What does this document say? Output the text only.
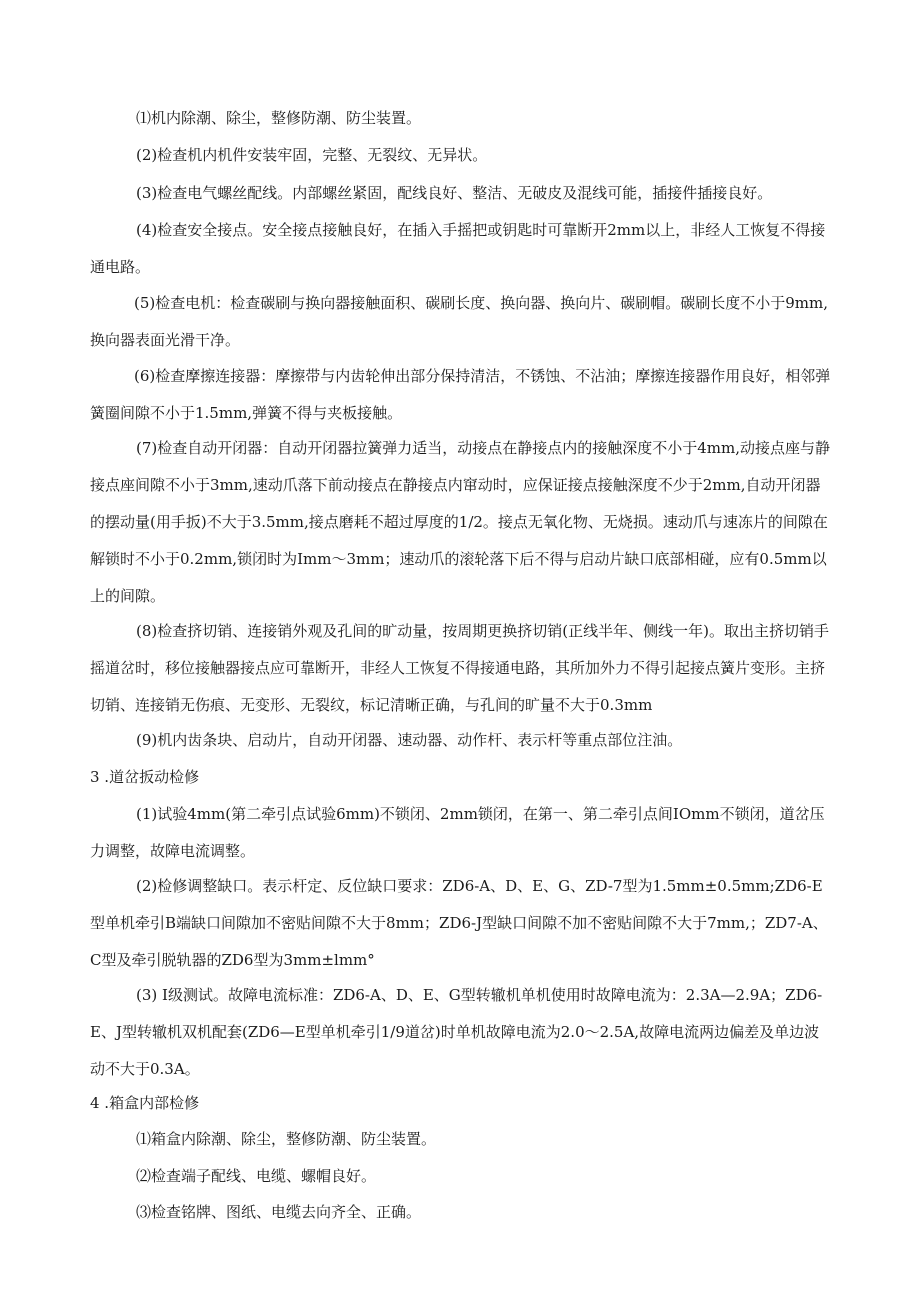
⑴机内除潮、除尘，整修防潮、防尘装置。

(2)检查机内机件安装牢固，完整、无裂纹、无异状。

(3)检查电气螺丝配线。内部螺丝紧固，配线良好、整洁、无破皮及混线可能，插接件插接良好。

(4)检查安全接点。安全接点接触良好，在插入手摇把或钥匙时可靠断开2mm以上，非经人工恢复不得接通电路。

(5)检查电机：检查碳刷与换向器接触面积、碳刷长度、换向器、换向片、碳刷帽。碳刷长度不小于9mm,换向器表面光滑干净。

(6)检查摩擦连接器：摩擦带与内齿轮伸出部分保持清洁，不锈蚀、不沾油；摩擦连接器作用良好，相邻弹簧圈间隙不小于1.5mm,弹簧不得与夹板接触。

(7)检查自动开闭器：自动开闭器拉簧弹力适当，动接点在静接点内的接触深度不小于4mm,动接点座与静接点座间隙不小于3mm,速动爪落下前动接点在静接点内窜动时，应保证接点接触深度不少于2mm,自动开闭器的摆动量(用手扳)不大于3.5mm,接点磨耗不超过厚度的1/2。接点无氧化物、无烧损。速动爪与速冻片的间隙在解锁时不小于0.2mm,锁闭时为Imm〜3mm；速动爪的滚轮落下后不得与启动片缺口底部相碰，应有0.5mm以上的间隙。

(8)检查挤切销、连接销外观及孔间的旷动量，按周期更换挤切销(正线半年、侧线一年)。取出主挤切销手摇道岔时，移位接触器接点应可靠断开，非经人工恢复不得接通电路，其所加外力不得引起接点簧片变形。主挤切销、连接销无伤痕、无变形、无裂纹，标记清晰正确，与孔间的旷量不大于0.3mm

(9)机内齿条块、启动片，自动开闭器、速动器、动作杆、表示杆等重点部位注油。

3 .道岔扳动检修

(1)试验4mm(第二牵引点试验6mm)不锁闭、2mm锁闭，在第一、第二牵引点间IOmm不锁闭，道岔压力调整，故障电流调整。

(2)检修调整缺口。表示杆定、反位缺口要求：ZD6-A、D、E、G、ZD-7型为1.5mm±0.5mm;ZD6-E型单机牵引B端缺口间隙加不密贴间隙不大于8mm；ZD6-J型缺口间隙不加不密贴间隙不大于7mm,；ZD7-A、C型及牵引脱轨器的ZD6型为3mm±lmm°

(3) I级测试。故障电流标准：ZD6-A、D、E、G型转辙机单机使用时故障电流为：2.3A—2.9A；ZD6-E、J型转辙机双机配套(ZD6—E型单机牵引1/9道岔)时单机故障电流为2.0〜2.5A,故障电流两边偏差及单边波动不大于0.3A。

4 .箱盒内部检修

⑴箱盒内除潮、除尘，整修防潮、防尘装置。

⑵检查端子配线、电缆、螺帽良好。

⑶检查铭牌、图纸、电缆去向齐全、正确。
